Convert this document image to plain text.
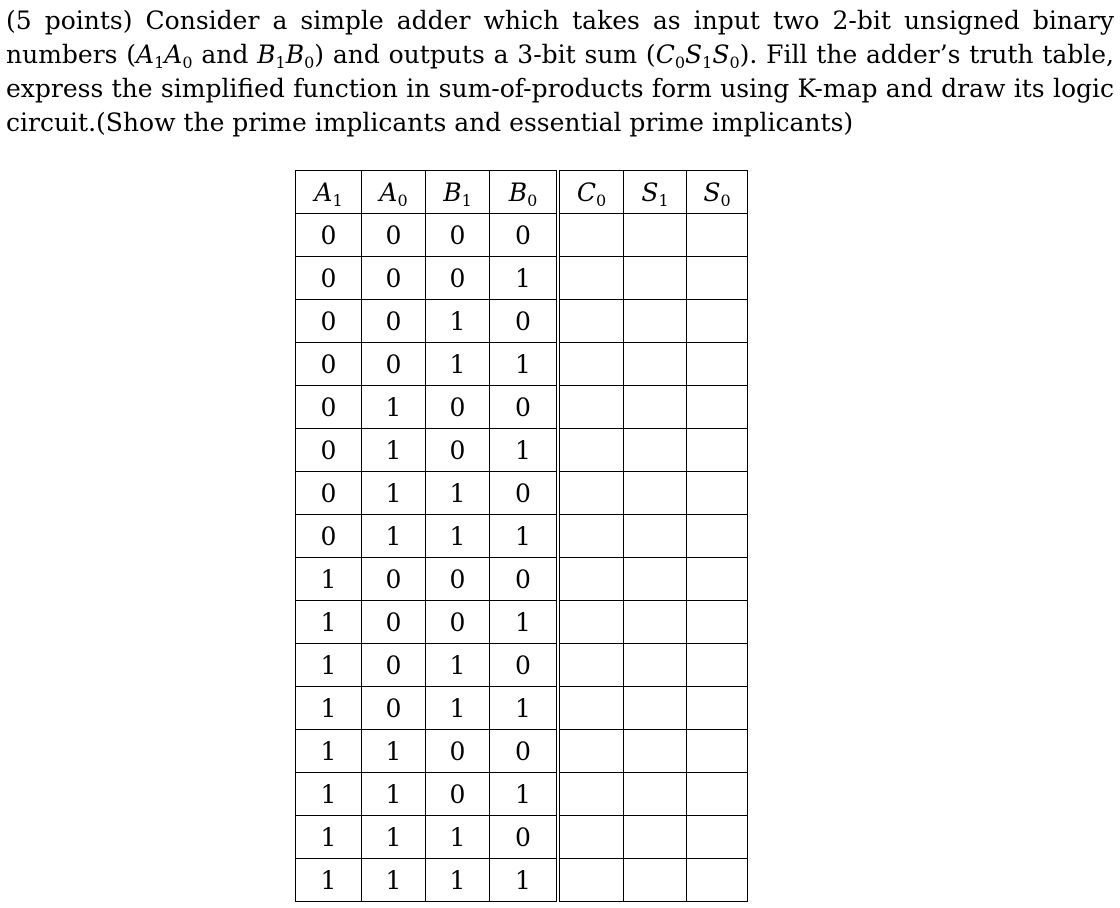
(5 points) Consider a simple adder which takes as input two 2-bit unsigned binary numbers ($A_1A_0$ and $B_1B_0$) and outputs a 3-bit sum $(C_0S_1S_0)$. Fill the adder’s truth table, express the simplified function in sum-of-products form using K-map and draw its logic circuit.(Show the prime implicants and essential prime implicants)
$A_1$	$A_0$	$B_1$	$B_0$	$C_0$	$S_1$	$S_0$
0	0	0	0			
0	0	0	1			
0	0	1	0			
0	0	1	1			
0	1	0	0			
0	1	0	1			
0	1	1	0			
0	1	1	1			
1	0	0	0			
1	0	0	1			
1	0	1	0			
1	0	1	1			
1	1	0	0			
1	1	0	1			
1	1	1	0			
1	1	1	1			
